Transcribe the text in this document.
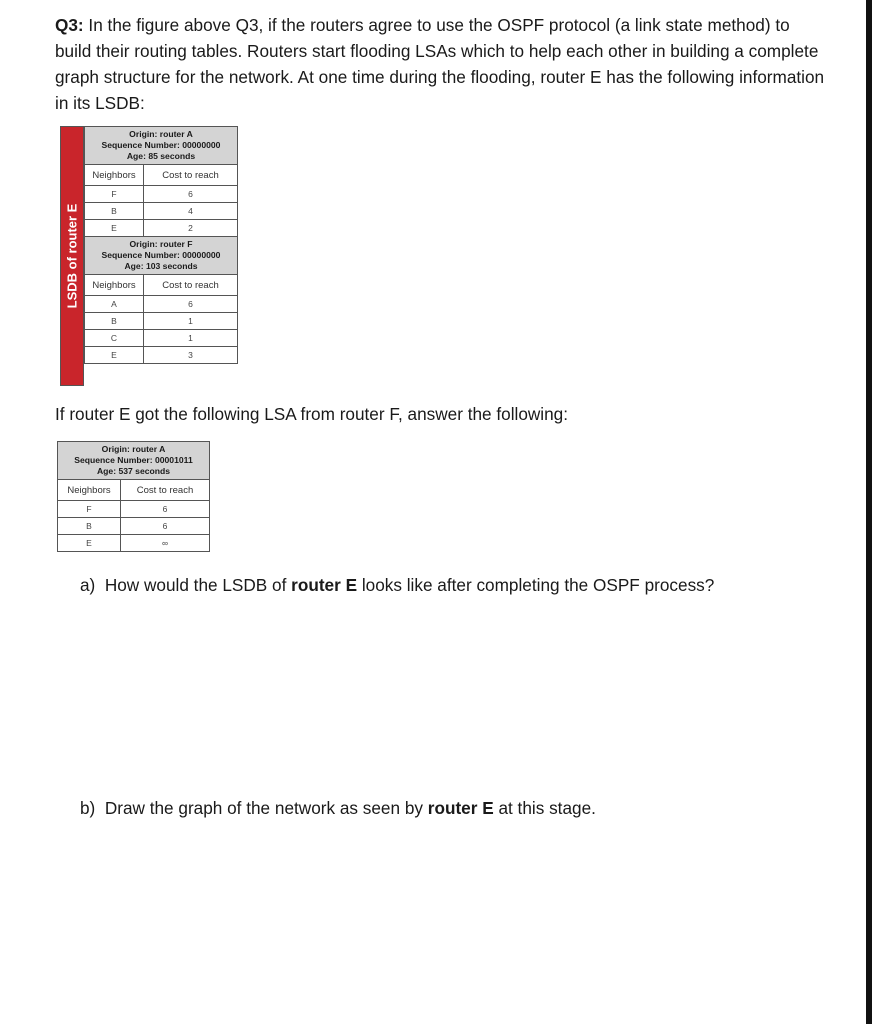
Q3: In the figure above Q3, if the routers agree to use the OSPF protocol (a link state method) to build their routing tables. Routers start flooding LSAs which to help each other in building a complete graph structure for the network. At one time during the flooding, router E has the following information in its LSDB:

LSDB of router E
Origin: router A
Sequence Number: 00000000
Age: 85 seconds	

Neighbors	Cost to reach
F	6
B	4
E	2
Origin: router F
Sequence Number: 00000000
Age: 103 seconds	

Neighbors	Cost to reach
A	6
B	1
C	1
E	3
If router E got the following LSA from router F, answer the following:
Origin: router A
Sequence Number: 00001011
Age: 537 seconds	

Neighbors	Cost to reach
F	6
B	6
E	∞
a)  How would the LSDB of router E looks like after completing the OSPF process?
b)  Draw the graph of the network as seen by router E at this stage.
